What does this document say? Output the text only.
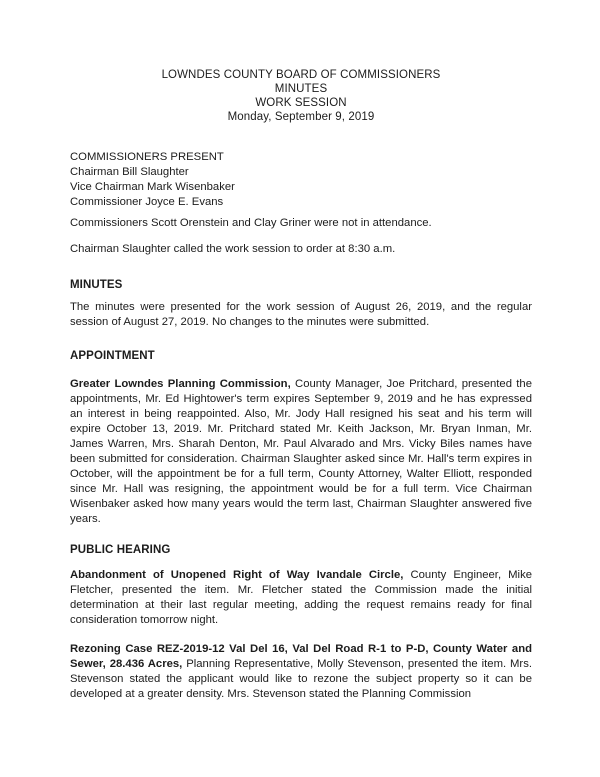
LOWNDES COUNTY BOARD OF COMMISSIONERS
MINUTES
WORK SESSION
Monday, September 9, 2019
COMMISSIONERS PRESENT
Chairman Bill Slaughter
Vice Chairman Mark Wisenbaker
Commissioner Joyce E. Evans

Commissioners Scott Orenstein and Clay Griner were not in attendance.

Chairman Slaughter called the work session to order at 8:30 a.m.

MINUTES

The minutes were presented for the work session of August 26, 2019, and the regular session of August 27, 2019. No changes to the minutes were submitted.

APPOINTMENT

Greater Lowndes Planning Commission, County Manager, Joe Pritchard, presented the appointments, Mr. Ed Hightower's term expires September 9, 2019 and he has expressed an interest in being reappointed. Also, Mr. Jody Hall resigned his seat and his term will expire October 13, 2019. Mr. Pritchard stated Mr. Keith Jackson, Mr. Bryan Inman, Mr. James Warren, Mrs. Sharah Denton, Mr. Paul Alvarado and Mrs. Vicky Biles names have been submitted for consideration. Chairman Slaughter asked since Mr. Hall's term expires in October, will the appointment be for a full term, County Attorney, Walter Elliott, responded since Mr. Hall was resigning, the appointment would be for a full term. Vice Chairman Wisenbaker asked how many years would the term last, Chairman Slaughter answered five years.

PUBLIC HEARING

Abandonment of Unopened Right of Way Ivandale Circle, County Engineer, Mike Fletcher, presented the item. Mr. Fletcher stated the Commission made the initial determination at their last regular meeting, adding the request remains ready for final consideration tomorrow night.

Rezoning Case REZ-2019-12 Val Del 16, Val Del Road R-1 to P-D, County Water and Sewer, 28.436 Acres, Planning Representative, Molly Stevenson, presented the item. Mrs. Stevenson stated the applicant would like to rezone the subject property so it can be developed at a greater density. Mrs. Stevenson stated the Planning Commission
